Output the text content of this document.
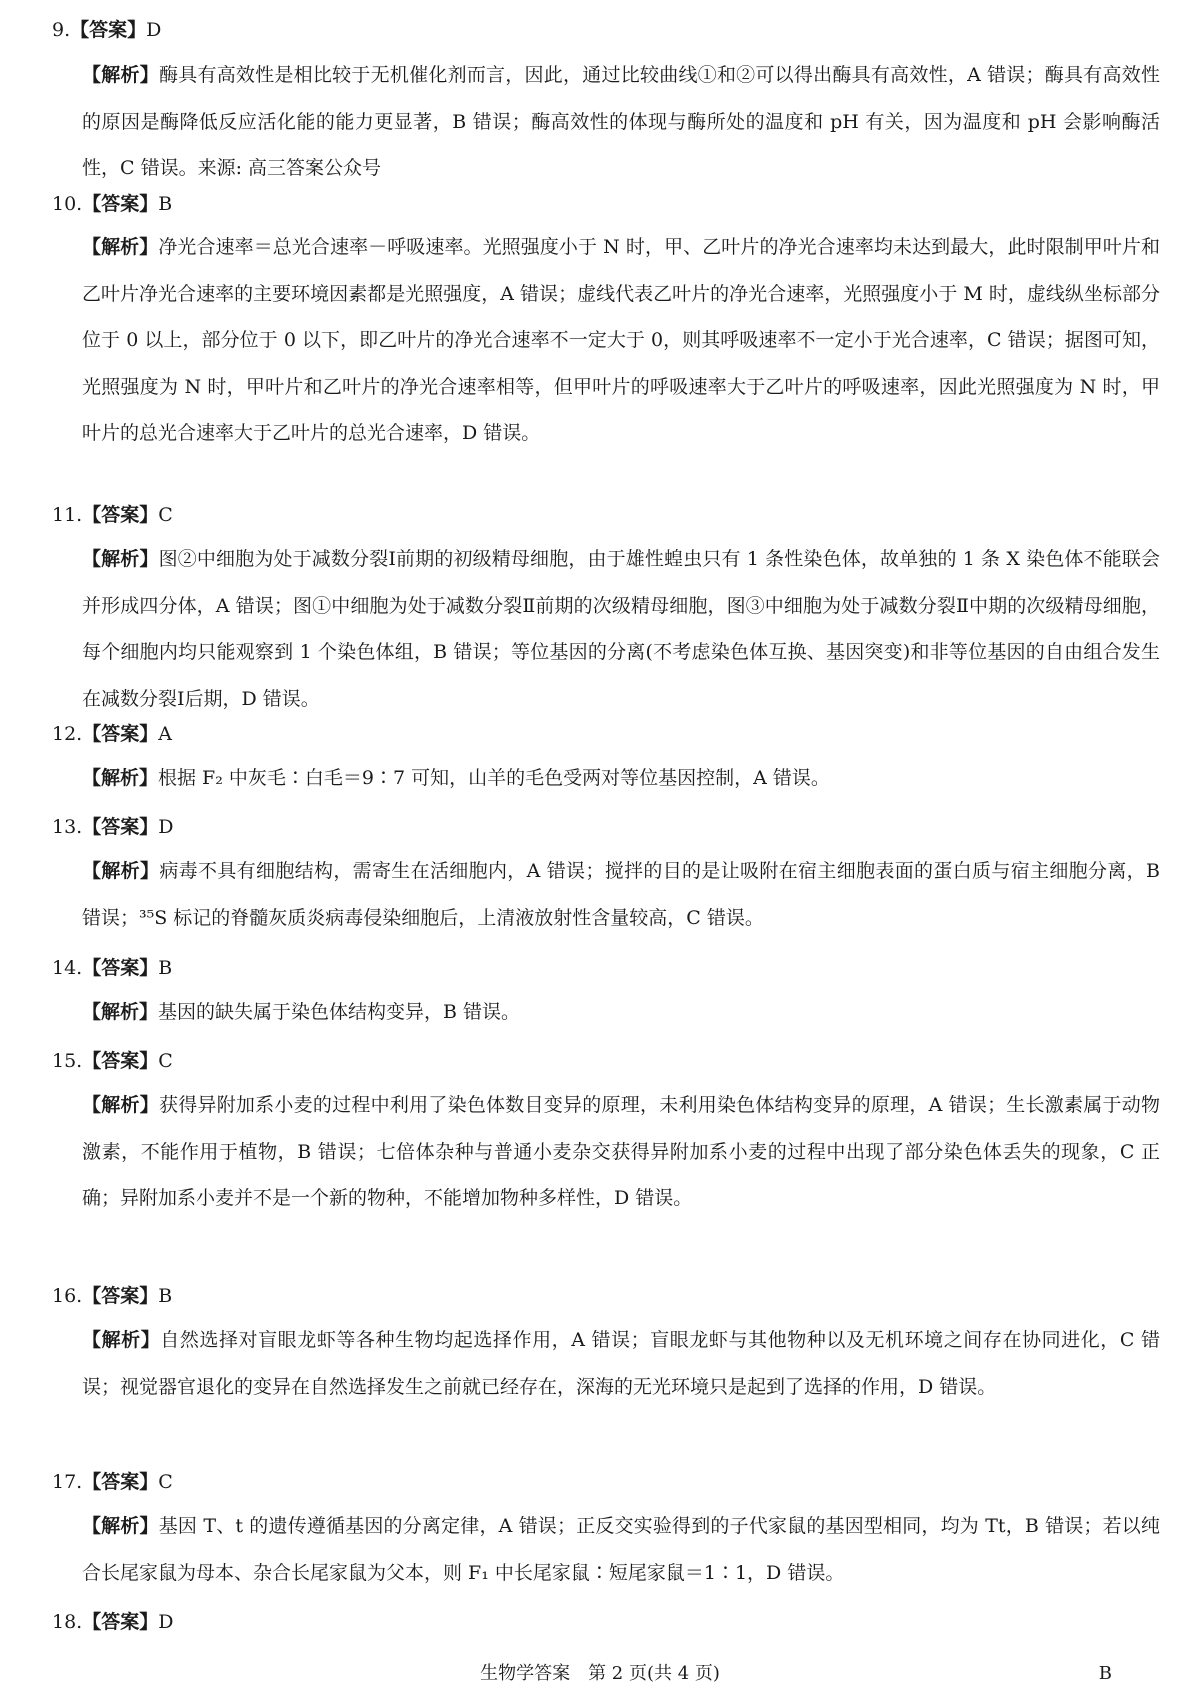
9.【答案】D

【解析】酶具有高效性是相比较于无机催化剂而言，因此，通过比较曲线①和②可以得出酶具有高效性，A 错误；酶具有高效性的原因是酶降低反应活化能的能力更显著，B 错误；酶高效性的体现与酶所处的温度和 pH 有关，因为温度和 pH 会影响酶活性，C 错误。来源: 高三答案公众号

10.【答案】B

【解析】净光合速率＝总光合速率－呼吸速率。光照强度小于 N 时，甲、乙叶片的净光合速率均未达到最大，此时限制甲叶片和乙叶片净光合速率的主要环境因素都是光照强度，A 错误；虚线代表乙叶片的净光合速率，光照强度小于 M 时，虚线纵坐标部分位于 0 以上，部分位于 0 以下，即乙叶片的净光合速率不一定大于 0，则其呼吸速率不一定小于光合速率，C 错误；据图可知，光照强度为 N 时，甲叶片和乙叶片的净光合速率相等，但甲叶片的呼吸速率大于乙叶片的呼吸速率，因此光照强度为 N 时，甲叶片的总光合速率大于乙叶片的总光合速率，D 错误。

11.【答案】C

【解析】图②中细胞为处于减数分裂Ⅰ前期的初级精母细胞，由于雄性蝗虫只有 1 条性染色体，故单独的 1 条 X 染色体不能联会并形成四分体，A 错误；图①中细胞为处于减数分裂Ⅱ前期的次级精母细胞，图③中细胞为处于减数分裂Ⅱ中期的次级精母细胞，每个细胞内均只能观察到 1 个染色体组，B 错误；等位基因的分离(不考虑染色体互换、基因突变)和非等位基因的自由组合发生在减数分裂Ⅰ后期，D 错误。

12.【答案】A

【解析】根据 F₂ 中灰毛∶白毛＝9∶7 可知，山羊的毛色受两对等位基因控制，A 错误。

13.【答案】D

【解析】病毒不具有细胞结构，需寄生在活细胞内，A 错误；搅拌的目的是让吸附在宿主细胞表面的蛋白质与宿主细胞分离，B 错误；³⁵S 标记的脊髓灰质炎病毒侵染细胞后，上清液放射性含量较高，C 错误。

14.【答案】B

【解析】基因的缺失属于染色体结构变异，B 错误。

15.【答案】C

【解析】获得异附加系小麦的过程中利用了染色体数目变异的原理，未利用染色体结构变异的原理，A 错误；生长激素属于动物激素，不能作用于植物，B 错误；七倍体杂种与普通小麦杂交获得异附加系小麦的过程中出现了部分染色体丢失的现象，C 正确；异附加系小麦并不是一个新的物种，不能增加物种多样性，D 错误。

16.【答案】B

【解析】自然选择对盲眼龙虾等各种生物均起选择作用，A 错误；盲眼龙虾与其他物种以及无机环境之间存在协同进化，C 错误；视觉器官退化的变异在自然选择发生之前就已经存在，深海的无光环境只是起到了选择的作用，D 错误。

17.【答案】C

【解析】基因 T、t 的遗传遵循基因的分离定律，A 错误；正反交实验得到的子代家鼠的基因型相同，均为 Tt，B 错误；若以纯合长尾家鼠为母本、杂合长尾家鼠为父本，则 F₁ 中长尾家鼠∶短尾家鼠＝1∶1，D 错误。

18.【答案】D
生物学答案　第 2 页(共 4 页)	B
